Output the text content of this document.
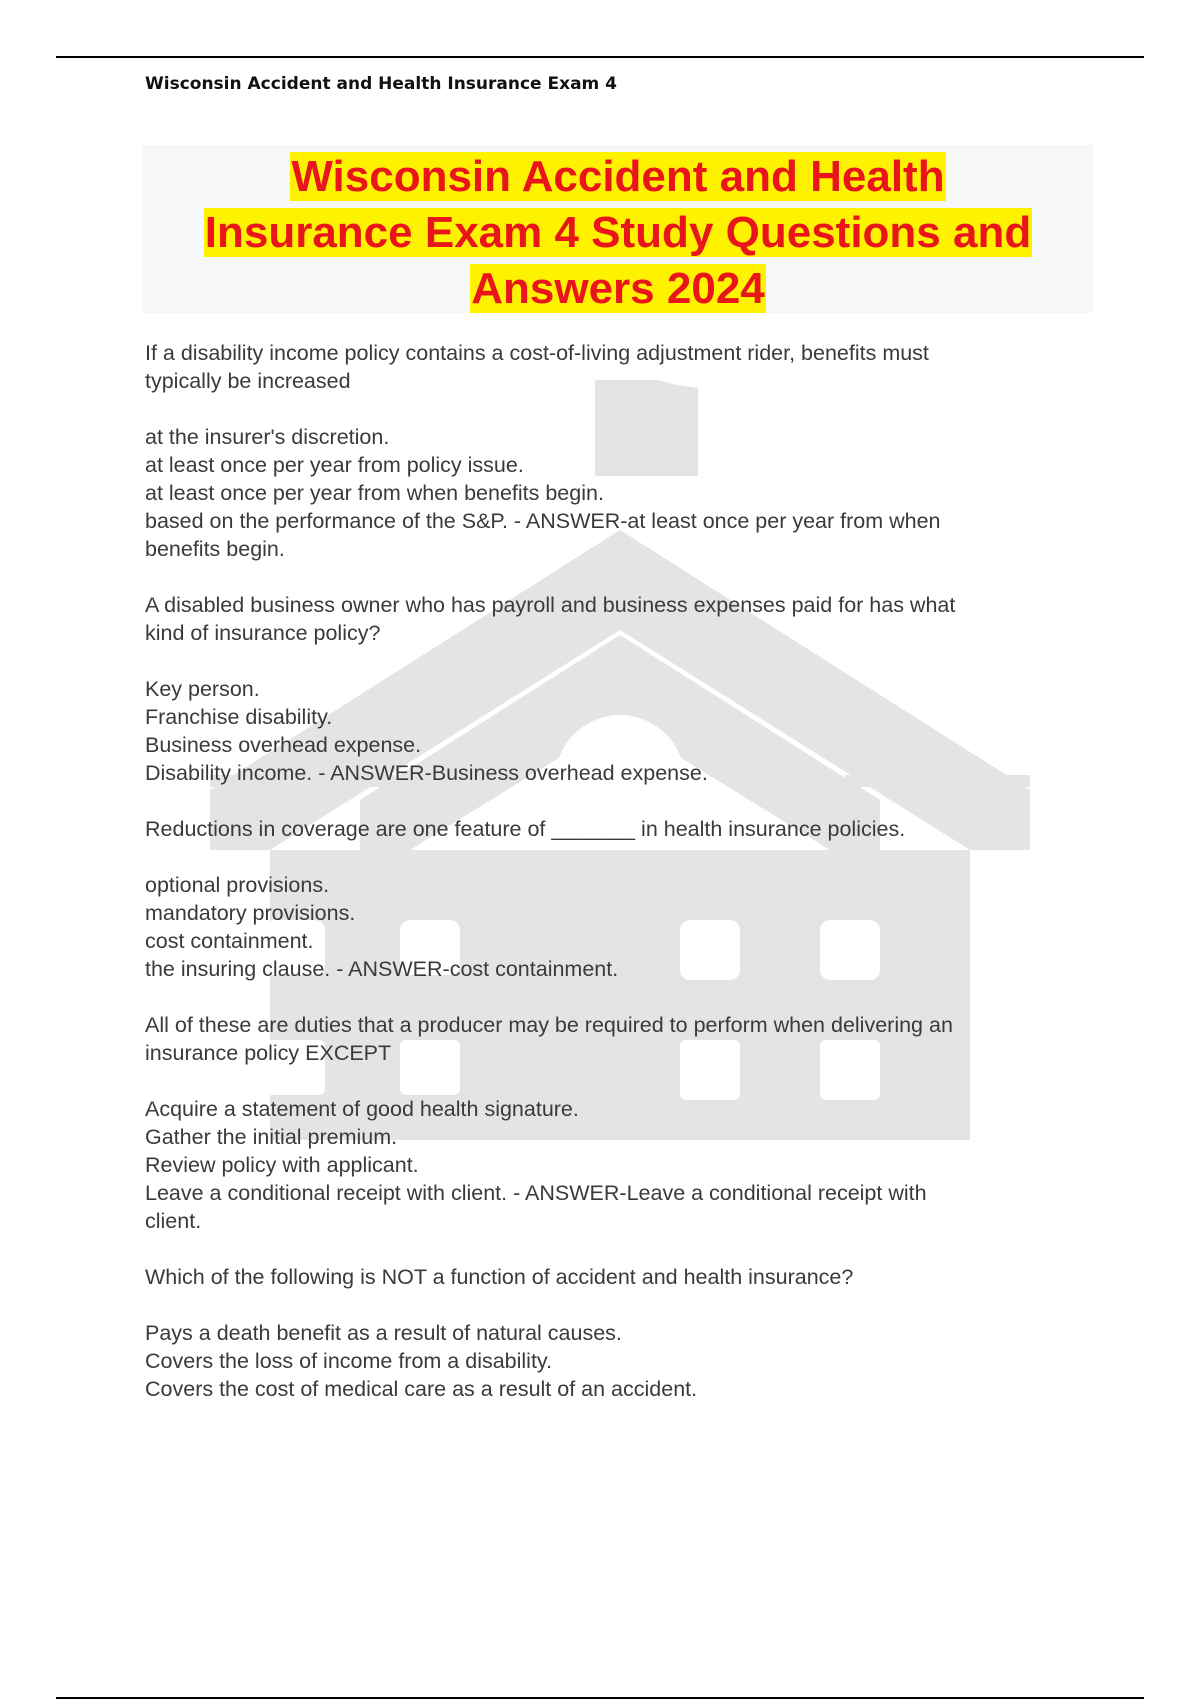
Wisconsin Accident and Health Insurance Exam 4
Wisconsin Accident and Health
Insurance Exam 4 Study Questions and
Answers 2024

If a disability income policy contains a cost-of-living adjustment rider, benefits must

typically be increased

at the insurer's discretion.

at least once per year from policy issue.

at least once per year from when benefits begin.

based on the performance of the S&P. - ANSWER-at least once per year from when

benefits begin.

A disabled business owner who has payroll and business expenses paid for has what

kind of insurance policy?

Key person.

Franchise disability.

Business overhead expense.

Disability income. - ANSWER-Business overhead expense.

Reductions in coverage are one feature of _______ in health insurance policies.

optional provisions.

mandatory provisions.

cost containment.

the insuring clause. - ANSWER-cost containment.

All of these are duties that a producer may be required to perform when delivering an

insurance policy EXCEPT

Acquire a statement of good health signature.

Gather the initial premium.

Review policy with applicant.

Leave a conditional receipt with client. - ANSWER-Leave a conditional receipt with

client.

Which of the following is NOT a function of accident and health insurance?

Pays a death benefit as a result of natural causes.

Covers the loss of income from a disability.

Covers the cost of medical care as a result of an accident.
